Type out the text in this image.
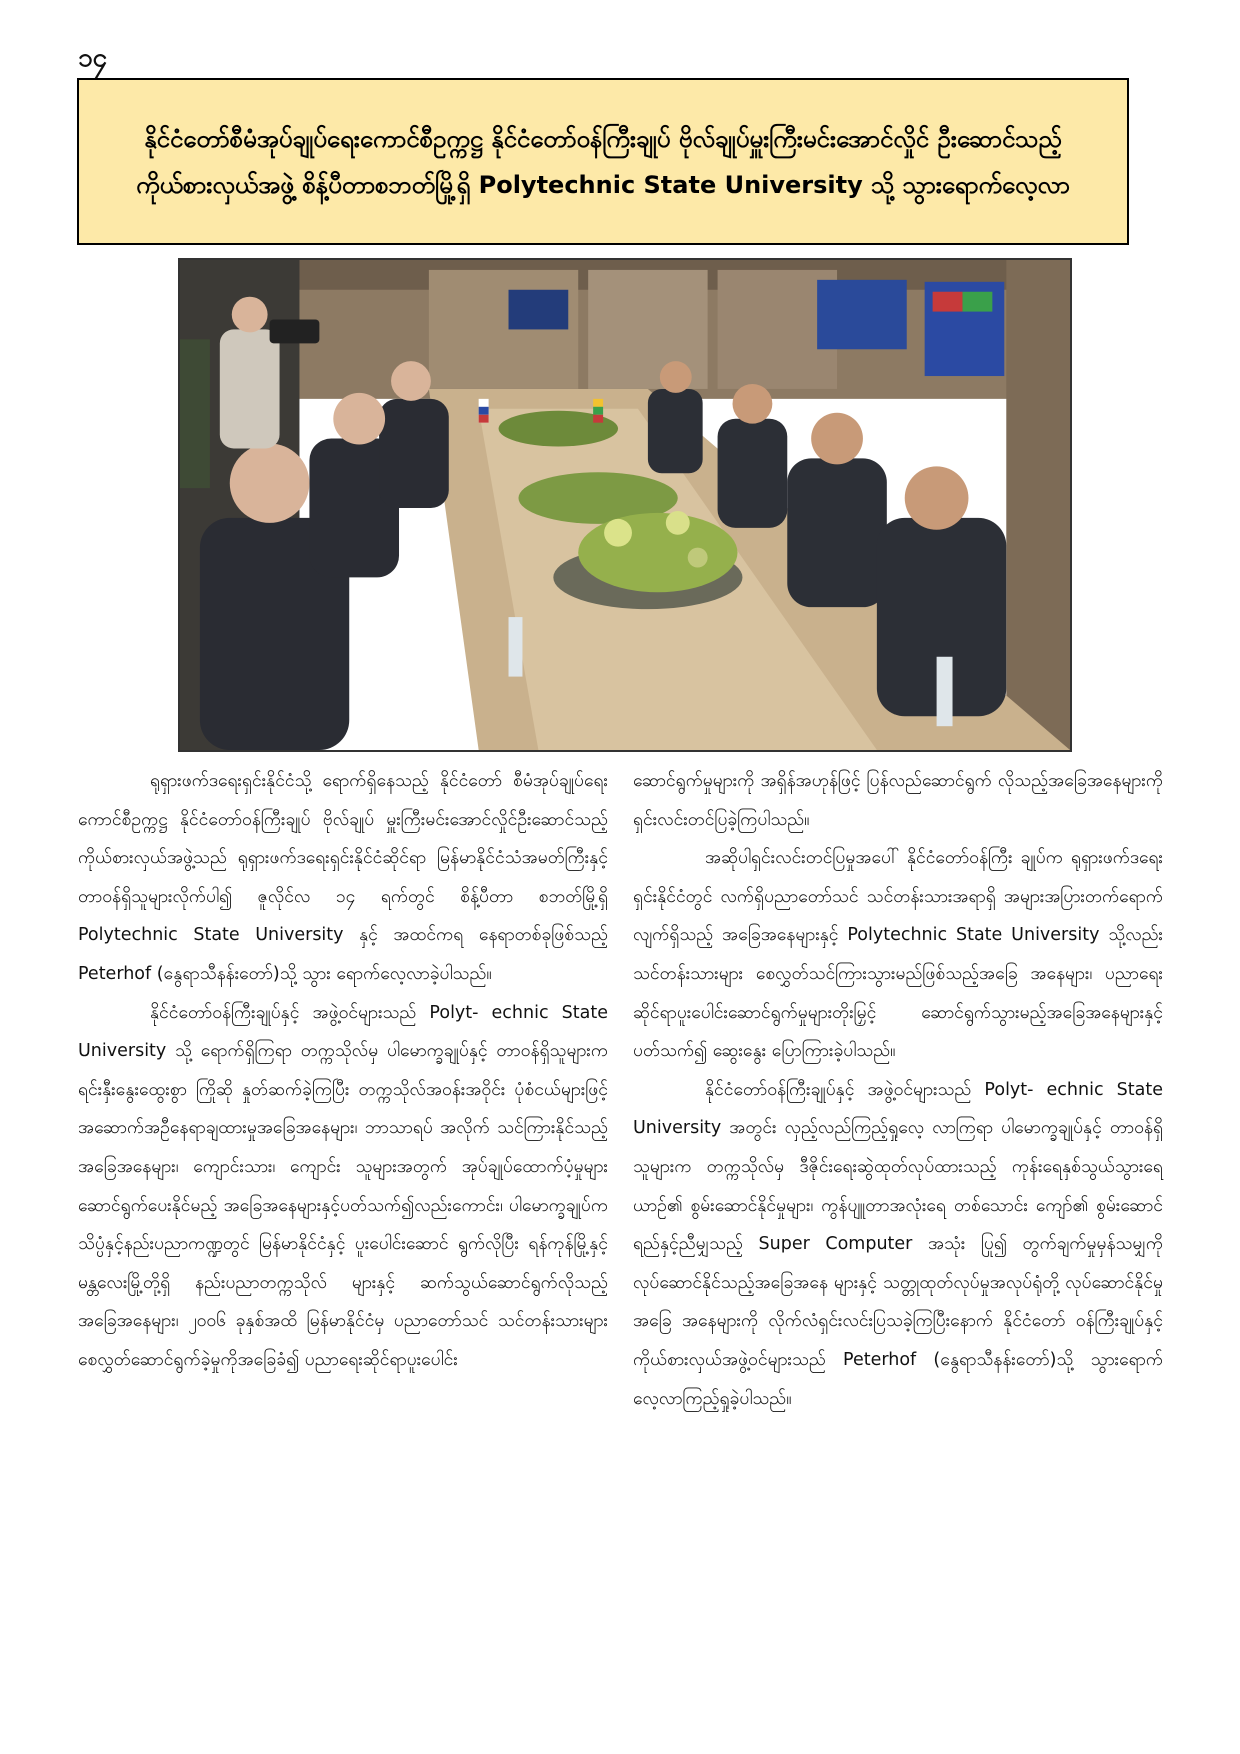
၁၄
နိုင်ငံတော်စီမံအုပ်ချုပ်ရေးကောင်စီဥက္ကဋ္ဌ နိုင်ငံတော်ဝန်ကြီးချုပ် ဗိုလ်ချုပ်မှူးကြီးမင်းအောင်လှိုင် ဦးဆောင်သည့်ကိုယ်စားလှယ်အဖွဲ့ စိန့်ပီတာစဘတ်မြို့ရှိ Polytechnic State University သို့ သွားရောက်လေ့လာ

ရုရှားဖက်ဒရေးရှင်းနိုင်ငံသို့ ရောက်ရှိနေသည့် နိုင်ငံတော် စီမံအုပ်ချုပ်ရေးကောင်စီဥက္ကဋ္ဌ နိုင်ငံတော်ဝန်ကြီးချုပ် ဗိုလ်ချုပ် မှူးကြီးမင်းအောင်လှိုင်ဦးဆောင်သည့် ကိုယ်စားလှယ်အဖွဲ့သည် ရုရှားဖက်ဒရေးရှင်းနိုင်ငံဆိုင်ရာ မြန်မာနိုင်ငံသံအမတ်ကြီးနှင့် တာဝန်ရှိသူများလိုက်ပါ၍ ဇူလိုင်လ ၁၄ ရက်တွင် စိန့်ပီတာ စဘတ်မြို့ရှိ Polytechnic State University နှင့် အထင်ကရ နေရာတစ်ခုဖြစ်သည့် Peterhof (နွေရာသီနန်းတော်)သို့ သွား ရောက်လေ့လာခဲ့ပါသည်။

နိုင်ငံတော်ဝန်ကြီးချုပ်နှင့် အဖွဲ့ဝင်များသည် Polyt- echnic State University သို့ ရောက်ရှိကြရာ တက္ကသိုလ်မှ ပါမောက္ခချုပ်နှင့် တာဝန်ရှိသူများက ရင်းနှီးနွေးထွေးစွာ ကြိုဆို နှုတ်ဆက်ခဲ့ကြပြီး တက္ကသိုလ်အဝန်းအဝိုင်း ပုံစံငယ်များဖြင့် အဆောက်အဦနေရာချထားမှုအခြေအနေများ၊ ဘာသာရပ် အလိုက် သင်ကြားနိုင်သည့်အခြေအနေများ၊ ကျောင်းသား၊ ကျောင်း သူများအတွက် အုပ်ချုပ်ထောက်ပံ့မှုများ ဆောင်ရွက်ပေးနိုင်မည့် အခြေအနေများနှင့်ပတ်သက်၍လည်းကောင်း၊ ပါမောက္ခချုပ်က သိပ္ပံနှင့်နည်းပညာကဏ္ဍတွင် မြန်မာနိုင်ငံနှင့် ပူးပေါင်းဆောင် ရွက်လိုပြီး ရန်ကုန်မြို့နှင့် မန္တလေးမြို့တို့ရှိ နည်းပညာတက္ကသိုလ် များနှင့် ဆက်သွယ်ဆောင်ရွက်လိုသည့်အခြေအနေများ၊ ၂၀၀၆ ခုနှစ်အထိ မြန်မာနိုင်ငံမှ ပညာတော်သင် သင်တန်းသားများ စေလွှတ်ဆောင်ရွက်ခဲ့မှုကိုအခြေခံ၍ ပညာရေးဆိုင်ရာပူးပေါင်း

ဆောင်ရွက်မှုများကို အရှိန်အဟုန်ဖြင့် ပြန်လည်ဆောင်ရွက် လိုသည့်အခြေအနေများကို ရှင်းလင်းတင်ပြခဲ့ကြပါသည်။

အဆိုပါရှင်းလင်းတင်ပြမှုအပေါ် နိုင်ငံတော်ဝန်ကြီး ချုပ်က ရုရှားဖက်ဒရေးရှင်းနိုင်ငံတွင် လက်ရှိပညာတော်သင် သင်တန်းသားအရာရှိ အများအပြားတက်ရောက်လျက်ရှိသည့် အခြေအနေများနှင့် Polytechnic State University သို့လည်း သင်တန်းသားများ စေလွှတ်သင်ကြားသွားမည်ဖြစ်သည့်အခြေ အနေများ၊ ပညာရေးဆိုင်ရာပူးပေါင်းဆောင်ရွက်မှုများတိုးမြှင့် ဆောင်ရွက်သွားမည့်အခြေအနေများနှင့်ပတ်သက်၍ ဆွေးနွေး ပြောကြားခဲ့ပါသည်။

နိုင်ငံတော်ဝန်ကြီးချုပ်နှင့် အဖွဲ့ဝင်များသည် Polyt- echnic State University အတွင်း လှည့်လည်ကြည့်ရှုလေ့ လာကြရာ ပါမောက္ခချုပ်နှင့် တာဝန်ရှိသူများက တက္ကသိုလ်မှ ဒီဇိုင်းရေးဆွဲထုတ်လုပ်ထားသည့် ကုန်းရေနှစ်သွယ်သွားရေ ယာဉ်၏ စွမ်းဆောင်နိုင်မှုများ၊ ကွန်ပျူတာအလုံးရေ တစ်သောင်း ကျော်၏ စွမ်းဆောင်ရည်နှင့်ညီမျှသည့် Super Computer အသုံး ပြု၍ တွက်ချက်မှုမှန်သမျှကို လုပ်ဆောင်နိုင်သည့်အခြေအနေ များနှင့် သတ္တုထုတ်လုပ်မှုအလုပ်ရုံတို့ လုပ်ဆောင်နိုင်မှုအခြေ အနေများကို လိုက်လံရှင်းလင်းပြသခဲ့ကြပြီးနောက် နိုင်ငံတော် ဝန်ကြီးချုပ်နှင့် ကိုယ်စားလှယ်အဖွဲ့ဝင်များသည် Peterhof (နွေရာသီနန်းတော်)သို့ သွားရောက်လေ့လာကြည့်ရှုခဲ့ပါသည်။
